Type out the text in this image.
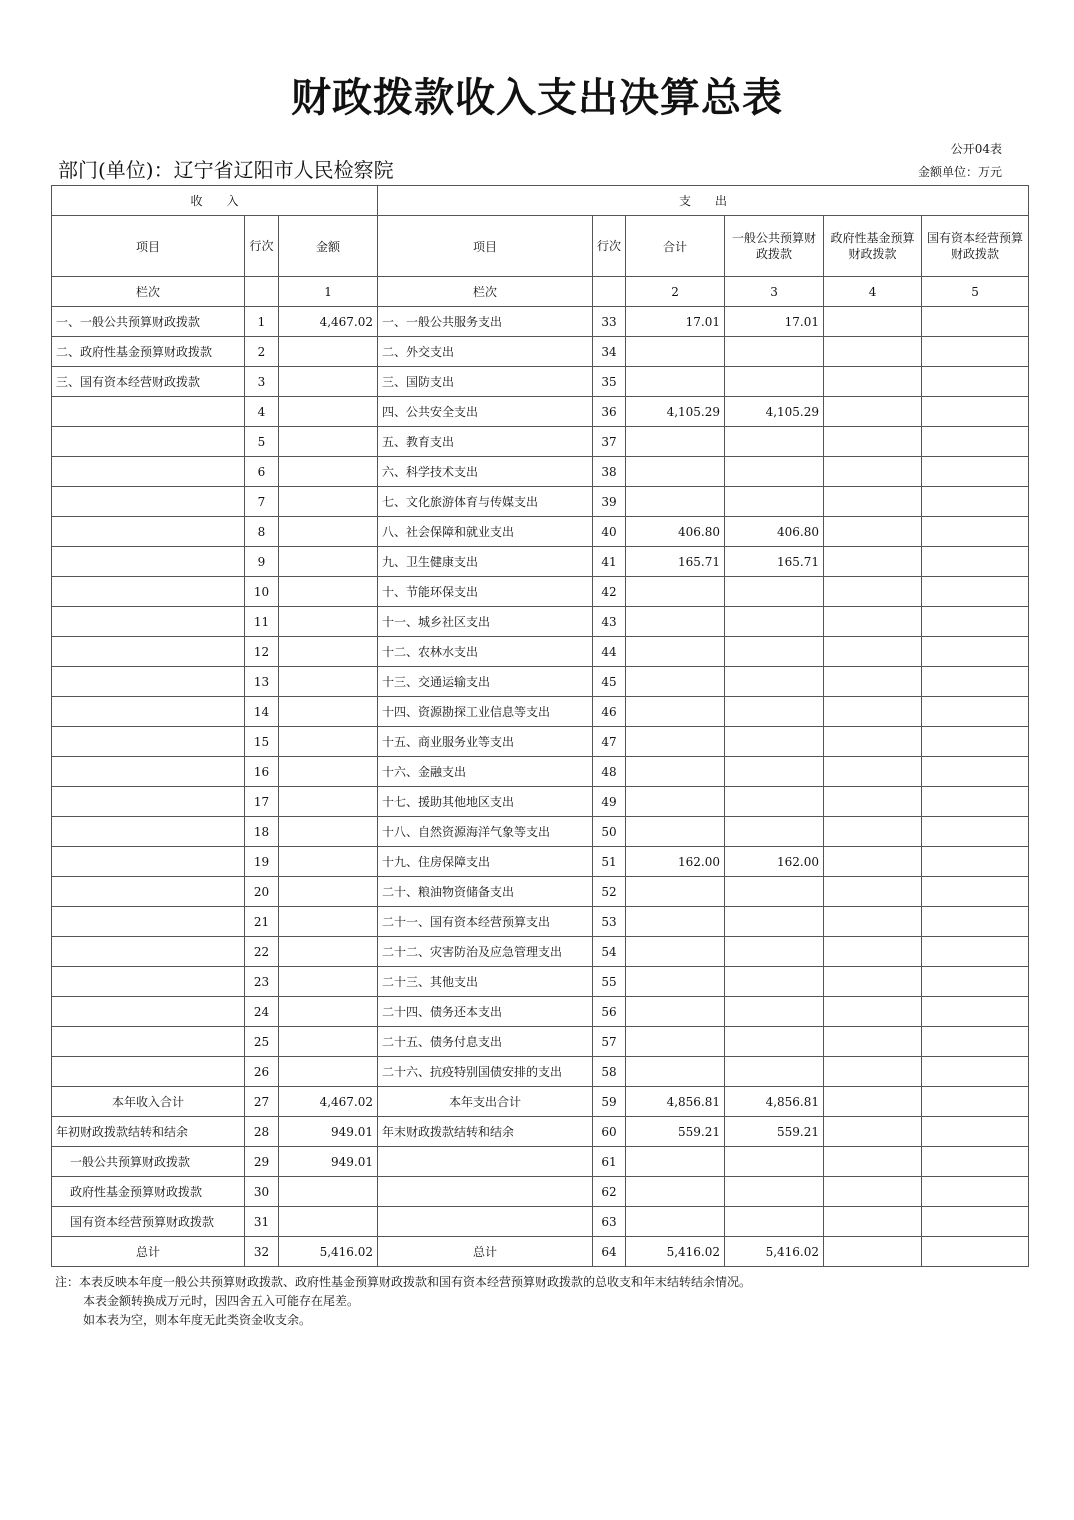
财政拨款收入支出决算总表
公开04表
部门(单位)：辽宁省辽阳市人民检察院	金额单位：万元
收　　入			支　　出					
项目	行次	金额	项目	行次	合计	一般公共预算财政拨款	政府性基金预算财政拨款	国有资本经营预算财政拨款
栏次		1	栏次		2	3	4	5
一、一般公共预算财政拨款	1	4,467.02	一、一般公共服务支出	33	17.01	17.01		
二、政府性基金预算财政拨款	2		二、外交支出	34				
三、国有资本经营财政拨款	3		三、国防支出	35				
	4		四、公共安全支出	36	4,105.29	4,105.29		
	5		五、教育支出	37				
	6		六、科学技术支出	38				
	7		七、文化旅游体育与传媒支出	39				
	8		八、社会保障和就业支出	40	406.80	406.80		
	9		九、卫生健康支出	41	165.71	165.71		
	10		十、节能环保支出	42				
	11		十一、城乡社区支出	43				
	12		十二、农林水支出	44				
	13		十三、交通运输支出	45				
	14		十四、资源勘探工业信息等支出	46				
	15		十五、商业服务业等支出	47				
	16		十六、金融支出	48				
	17		十七、援助其他地区支出	49				
	18		十八、自然资源海洋气象等支出	50				
	19		十九、住房保障支出	51	162.00	162.00		
	20		二十、粮油物资储备支出	52				
	21		二十一、国有资本经营预算支出	53				
	22		二十二、灾害防治及应急管理支出	54				
	23		二十三、其他支出	55				
	24		二十四、债务还本支出	56				
	25		二十五、债务付息支出	57				
	26		二十六、抗疫特别国债安排的支出	58				
本年收入合计	27	4,467.02	本年支出合计	59	4,856.81	4,856.81		
年初财政拨款结转和结余	28	949.01	年末财政拨款结转和结余	60	559.21	559.21		
一般公共预算财政拨款	29	949.01		61				
政府性基金预算财政拨款	30			62				
国有资本经营预算财政拨款	31			63				
总计	32	5,416.02	总计	64	5,416.02	5,416.02		
注：本表反映本年度一般公共预算财政拨款、政府性基金预算财政拨款和国有资本经营预算财政拨款的总收支和年末结转结余情况。
本表金额转换成万元时，因四舍五入可能存在尾差。
如本表为空，则本年度无此类资金收支余。
